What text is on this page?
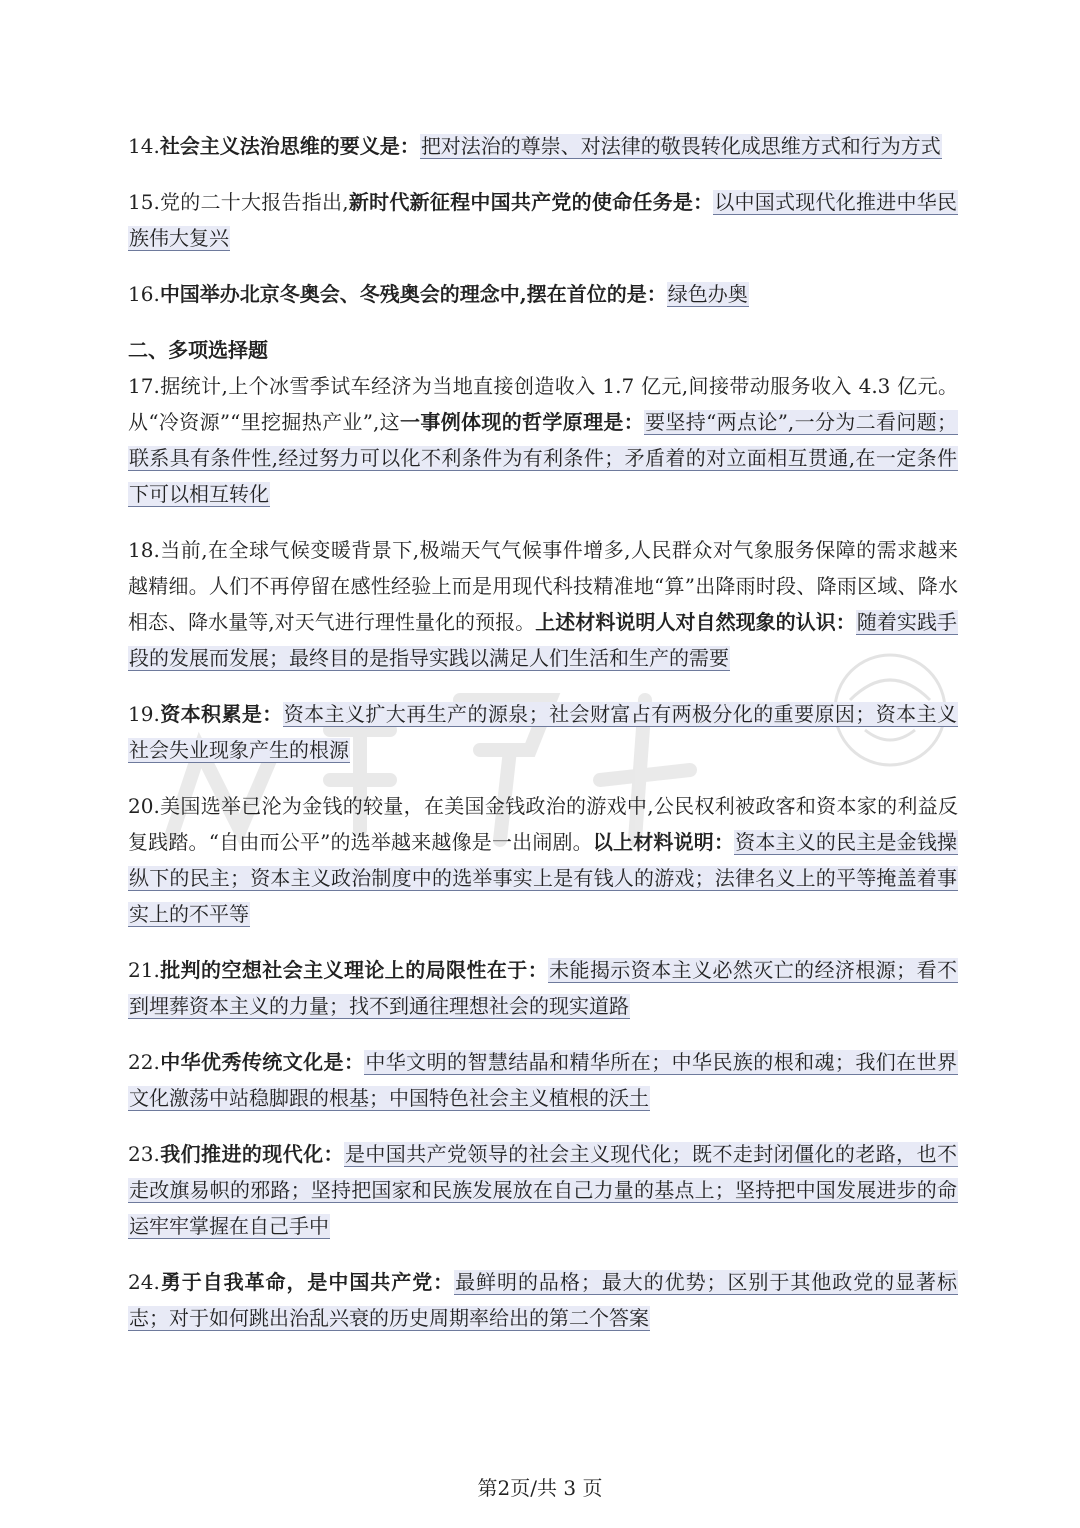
14.社会主义法治思维的要义是：把对法治的尊崇、对法律的敬畏转化成思维方式和行为方式

15.党的二十大报告指出,新时代新征程中国共产党的使命任务是：以中国式现代化推进中华民族伟大复兴

16.中国举办北京冬奥会、冬残奥会的理念中,摆在首位的是：绿色办奥

二、多项选择题

17.据统计,上个冰雪季试车经济为当地直接创造收入 1.7 亿元,间接带动服务收入 4.3 亿元。从“冷资源”“里挖掘热产业”,这一事例体现的哲学原理是：要坚持“两点论”,一分为二看问题；联系具有条件性,经过努力可以化不利条件为有利条件；矛盾着的对立面相互贯通,在一定条件下可以相互转化

18.当前,在全球气候变暖背景下,极端天气气候事件增多,人民群众对气象服务保障的需求越来越精细。人们不再停留在感性经验上而是用现代科技精准地“算”出降雨时段、降雨区域、降水相态、降水量等,对天气进行理性量化的预报。上述材料说明人对自然现象的认识：随着实践手段的发展而发展；最终目的是指导实践以满足人们生活和生产的需要

19.资本积累是：资本主义扩大再生产的源泉；社会财富占有两极分化的重要原因；资本主义社会失业现象产生的根源

20.美国选举已沦为金钱的较量，在美国金钱政治的游戏中,公民权利被政客和资本家的利益反复践踏。“自由而公平”的选举越来越像是一出闹剧。以上材料说明：资本主义的民主是金钱操纵下的民主；资本主义政治制度中的选举事实上是有钱人的游戏；法律名义上的平等掩盖着事实上的不平等

21.批判的空想社会主义理论上的局限性在于：未能揭示资本主义必然灭亡的经济根源；看不到埋葬资本主义的力量；找不到通往理想社会的现实道路

22.中华优秀传统文化是：中华文明的智慧结晶和精华所在；中华民族的根和魂；我们在世界文化激荡中站稳脚跟的根基；中国特色社会主义植根的沃土

23.我们推进的现代化：是中国共产党领导的社会主义现代化；既不走封闭僵化的老路，也不走改旗易帜的邪路；坚持把国家和民族发展放在自己力量的基点上；坚持把中国发展进步的命运牢牢掌握在自己手中

24.勇于自我革命，是中国共产党：最鲜明的品格；最大的优势；区别于其他政党的显著标志；对于如何跳出治乱兴衰的历史周期率给出的第二个答案

第2页/共 3 页
